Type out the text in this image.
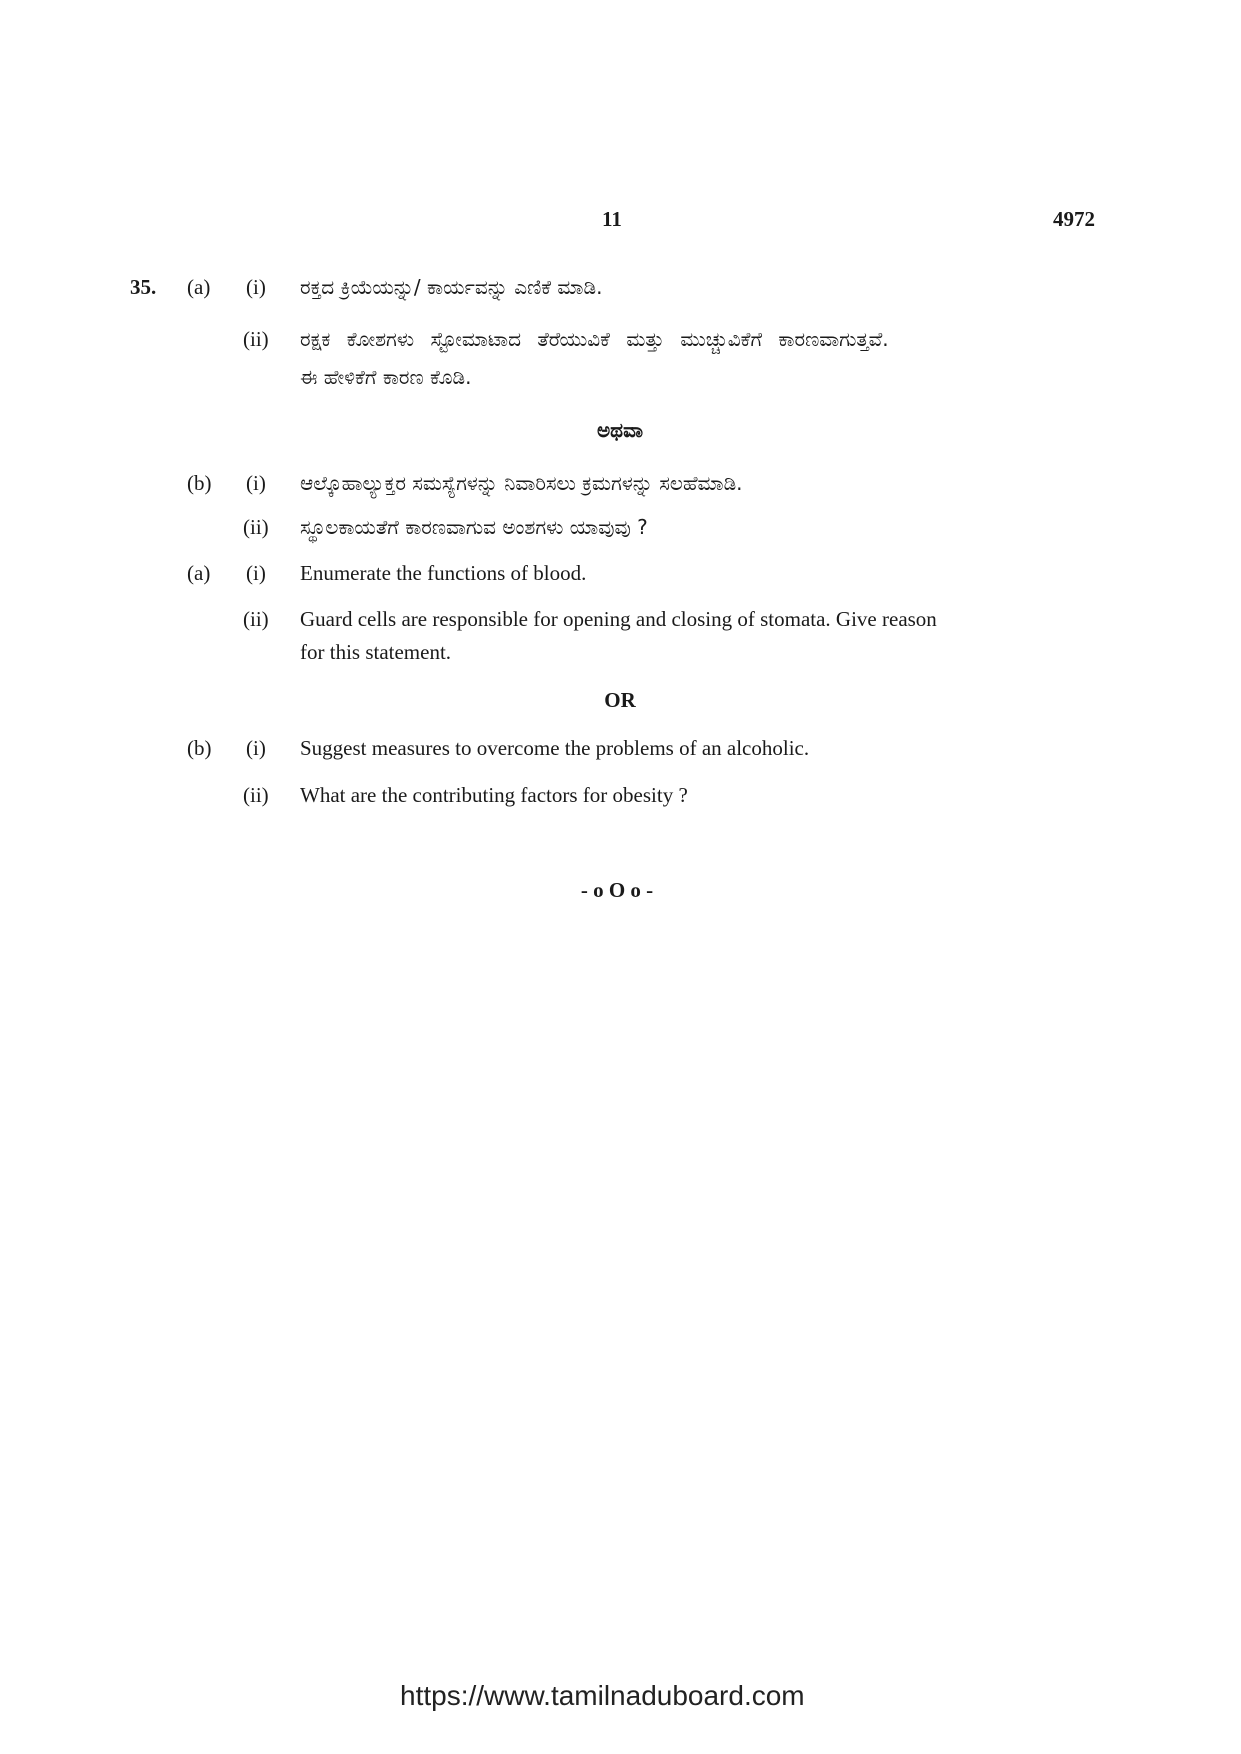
11	4972
35. (a) (i) ರಕ್ತದ ಕ್ರಿಯೆಯನ್ನು/ ಕಾರ್ಯವನ್ನು ಎಣಿಕೆ ಮಾಡಿ.
(ii) ರಕ್ಷಕ ಕೋಶಗಳು ಸ್ಟೋಮಾಟಾದ ತೆರೆಯುವಿಕೆ ಮತ್ತು ಮುಚ್ಚುವಿಕೆಗೆ ಕಾರಣವಾಗುತ್ತವೆ.
ಈ ಹೇಳಿಕೆಗೆ ಕಾರಣ ಕೊಡಿ.
ಅಥವಾ
(b) (i) ಆಲ್ಕೊಹಾಲ್ಯುಕ್ತರ ಸಮಸ್ಯೆಗಳನ್ನು ನಿವಾರಿಸಲು ಕ್ರಮಗಳನ್ನು ಸಲಹೆಮಾಡಿ.
(ii) ಸ್ಥೂಲಕಾಯತೆಗೆ ಕಾರಣವಾಗುವ ಅಂಶಗಳು ಯಾವುವು ?
(a) (i) Enumerate the functions of blood.
(ii) Guard cells are responsible for opening and closing of stomata. Give reason
for this statement.
OR
(b) (i) Suggest measures to overcome the problems of an alcoholic.
(ii) What are the contributing factors for obesity ?
- o O o -
https://www.tamilnaduboard.com
